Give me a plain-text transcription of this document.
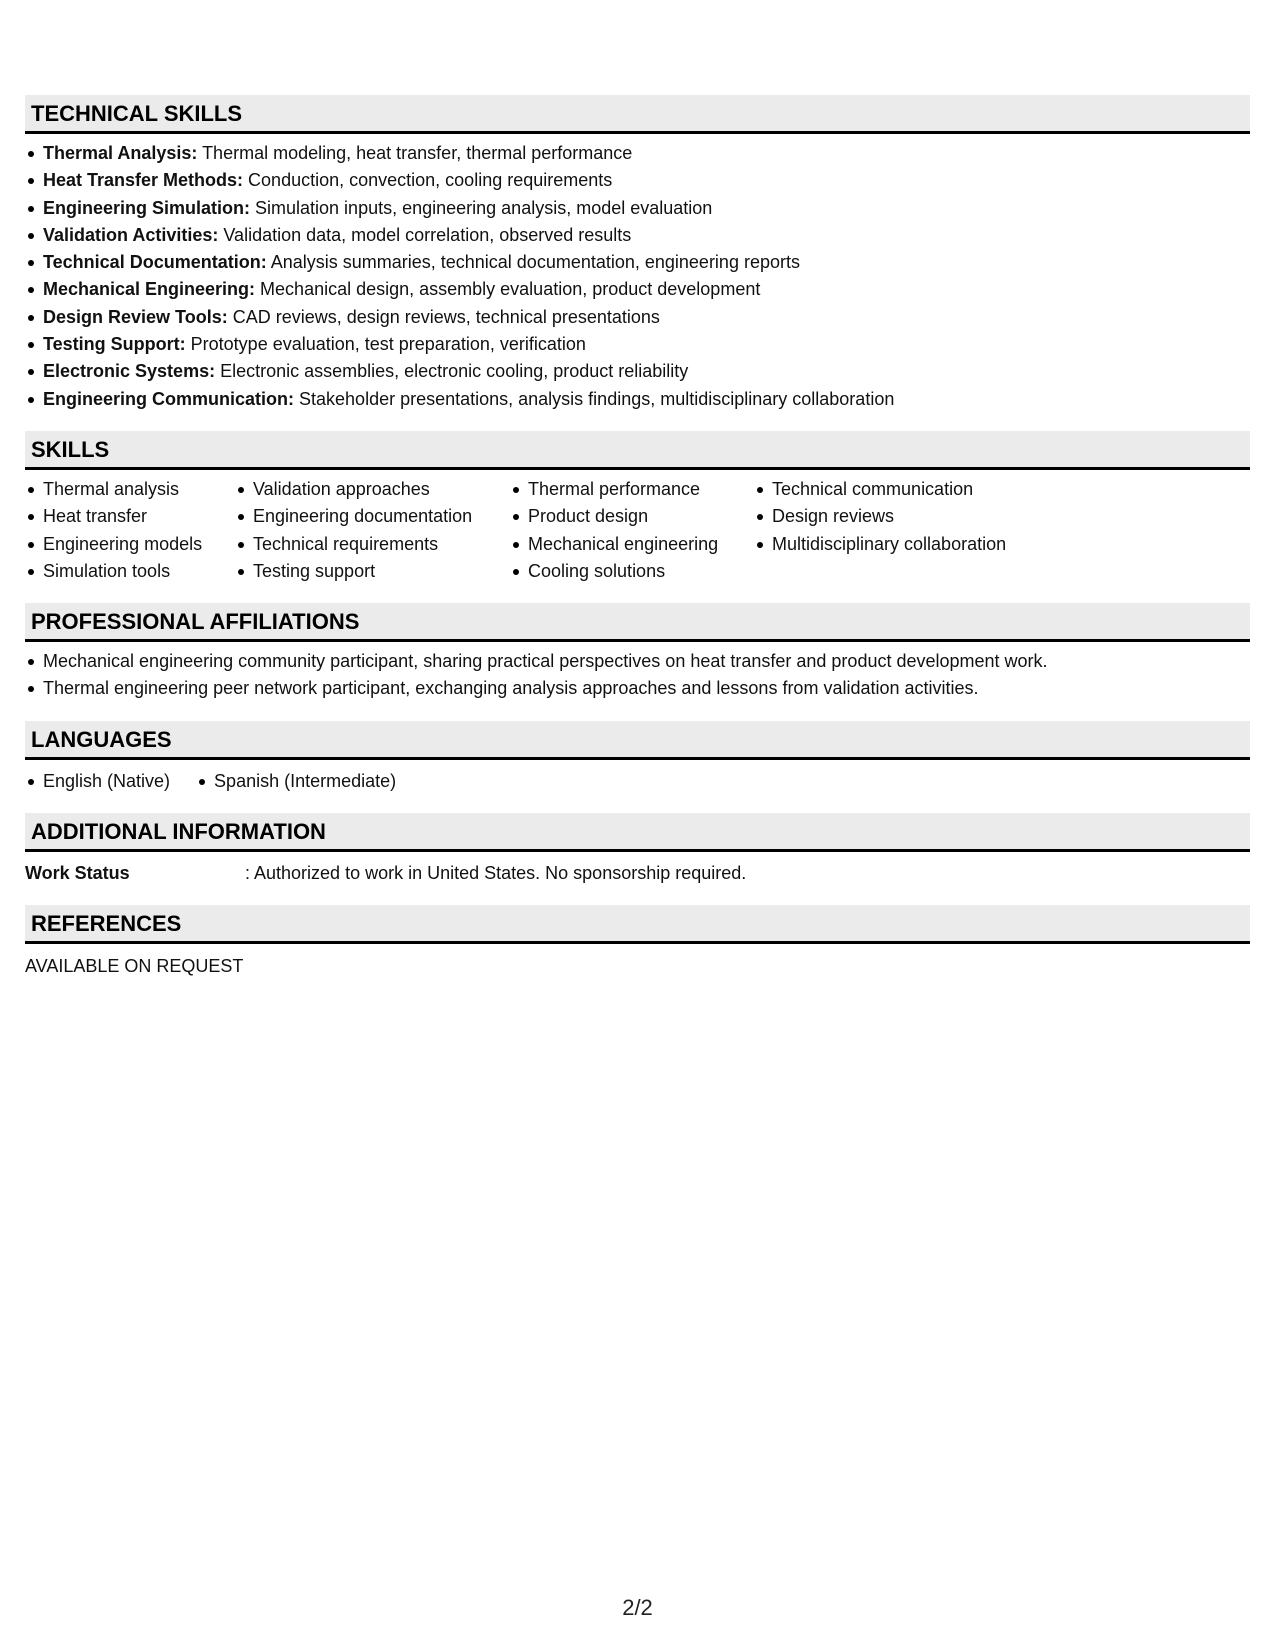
TECHNICAL SKILLS
Thermal Analysis: Thermal modeling, heat transfer, thermal performance
Heat Transfer Methods: Conduction, convection, cooling requirements
Engineering Simulation: Simulation inputs, engineering analysis, model evaluation
Validation Activities: Validation data, model correlation, observed results
Technical Documentation: Analysis summaries, technical documentation, engineering reports
Mechanical Engineering: Mechanical design, assembly evaluation, product development
Design Review Tools: CAD reviews, design reviews, technical presentations
Testing Support: Prototype evaluation, test preparation, verification
Electronic Systems: Electronic assemblies, electronic cooling, product reliability
Engineering Communication: Stakeholder presentations, analysis findings, multidisciplinary collaboration
SKILLS
Thermal analysis
Heat transfer
Engineering models
Simulation tools
Validation approaches
Engineering documentation
Technical requirements
Testing support
Thermal performance
Product design
Mechanical engineering
Cooling solutions
Technical communication
Design reviews
Multidisciplinary collaboration
PROFESSIONAL AFFILIATIONS
Mechanical engineering community participant, sharing practical perspectives on heat transfer and product development work.
Thermal engineering peer network participant, exchanging analysis approaches and lessons from validation activities.
LANGUAGES
English (Native) Spanish (Intermediate)
ADDITIONAL INFORMATION
Work Status	: Authorized to work in United States. No sponsorship required.
REFERENCES
AVAILABLE ON REQUEST
2/2
